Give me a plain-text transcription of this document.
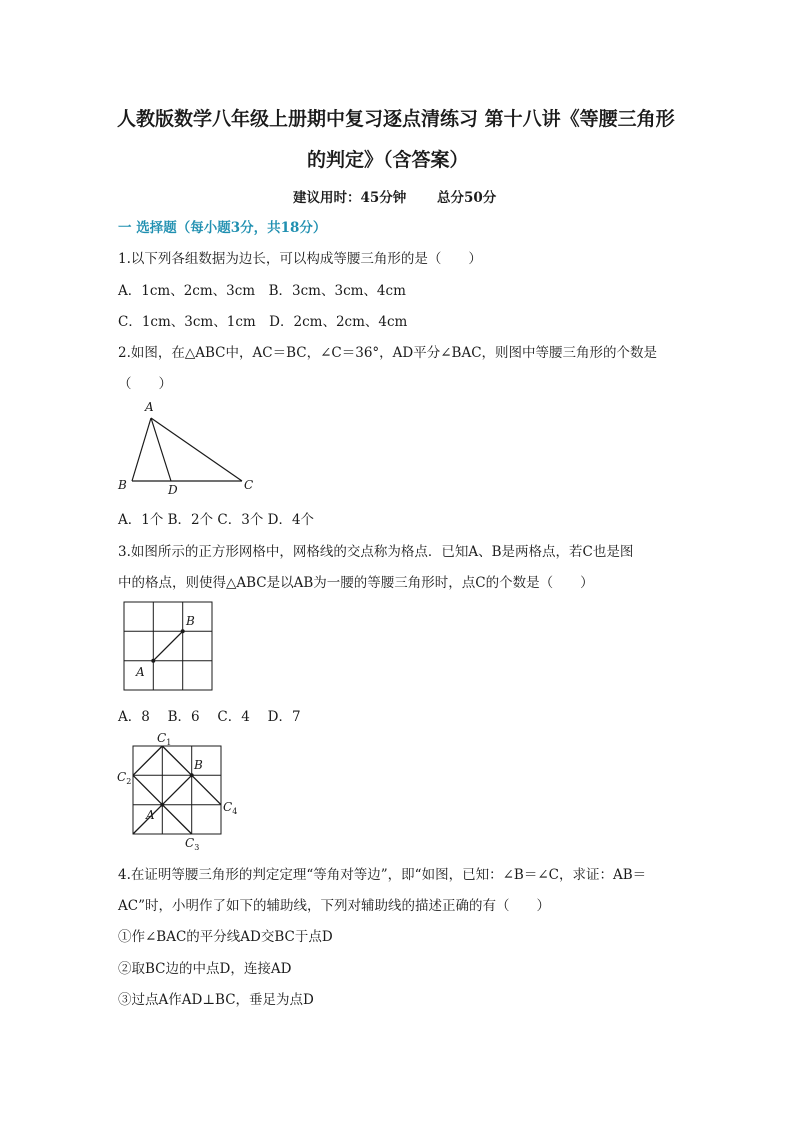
人教版数学八年级上册期中复习逐点清练习 第十八讲《等腰三角形
的判定》（含答案）
建议用时：45分钟 总分50分
一 选择题（每小题3分，共18分）
1.以下列各组数据为边长，可以构成等腰三角形的是（　　）
A．1cm、2cm、3cm　B．3cm、3cm、4cm
C．1cm、3cm、1cm　D．2cm、2cm、4cm
2.如图，在△ABC中，AC＝BC，∠C＝36°，AD平分∠BAC，则图中等腰三角形的个数是
（　　）
A
B	D	C
A．1个 B．2个 C．3个 D．4个
3.如图所示的正方形网格中，网格线的交点称为格点．已知A、B是两格点，若C也是图
中的格点，则使得△ABC是以AB为一腰的等腰三角形时，点C的个数是（　　）
A
B
A．8　 B．6　 C．4　 D．7
A
B
$C_1$
$C_2$
$C_3$
$C_4$
4.在证明等腰三角形的判定定理“等角对等边”，即“如图，已知：∠B＝∠C，求证：AB＝
AC”时，小明作了如下的辅助线，下列对辅助线的描述正确的有（　　）
①作∠BAC的平分线AD交BC于点D
②取BC边的中点D，连接AD
③过点A作AD⊥BC，垂足为点D
